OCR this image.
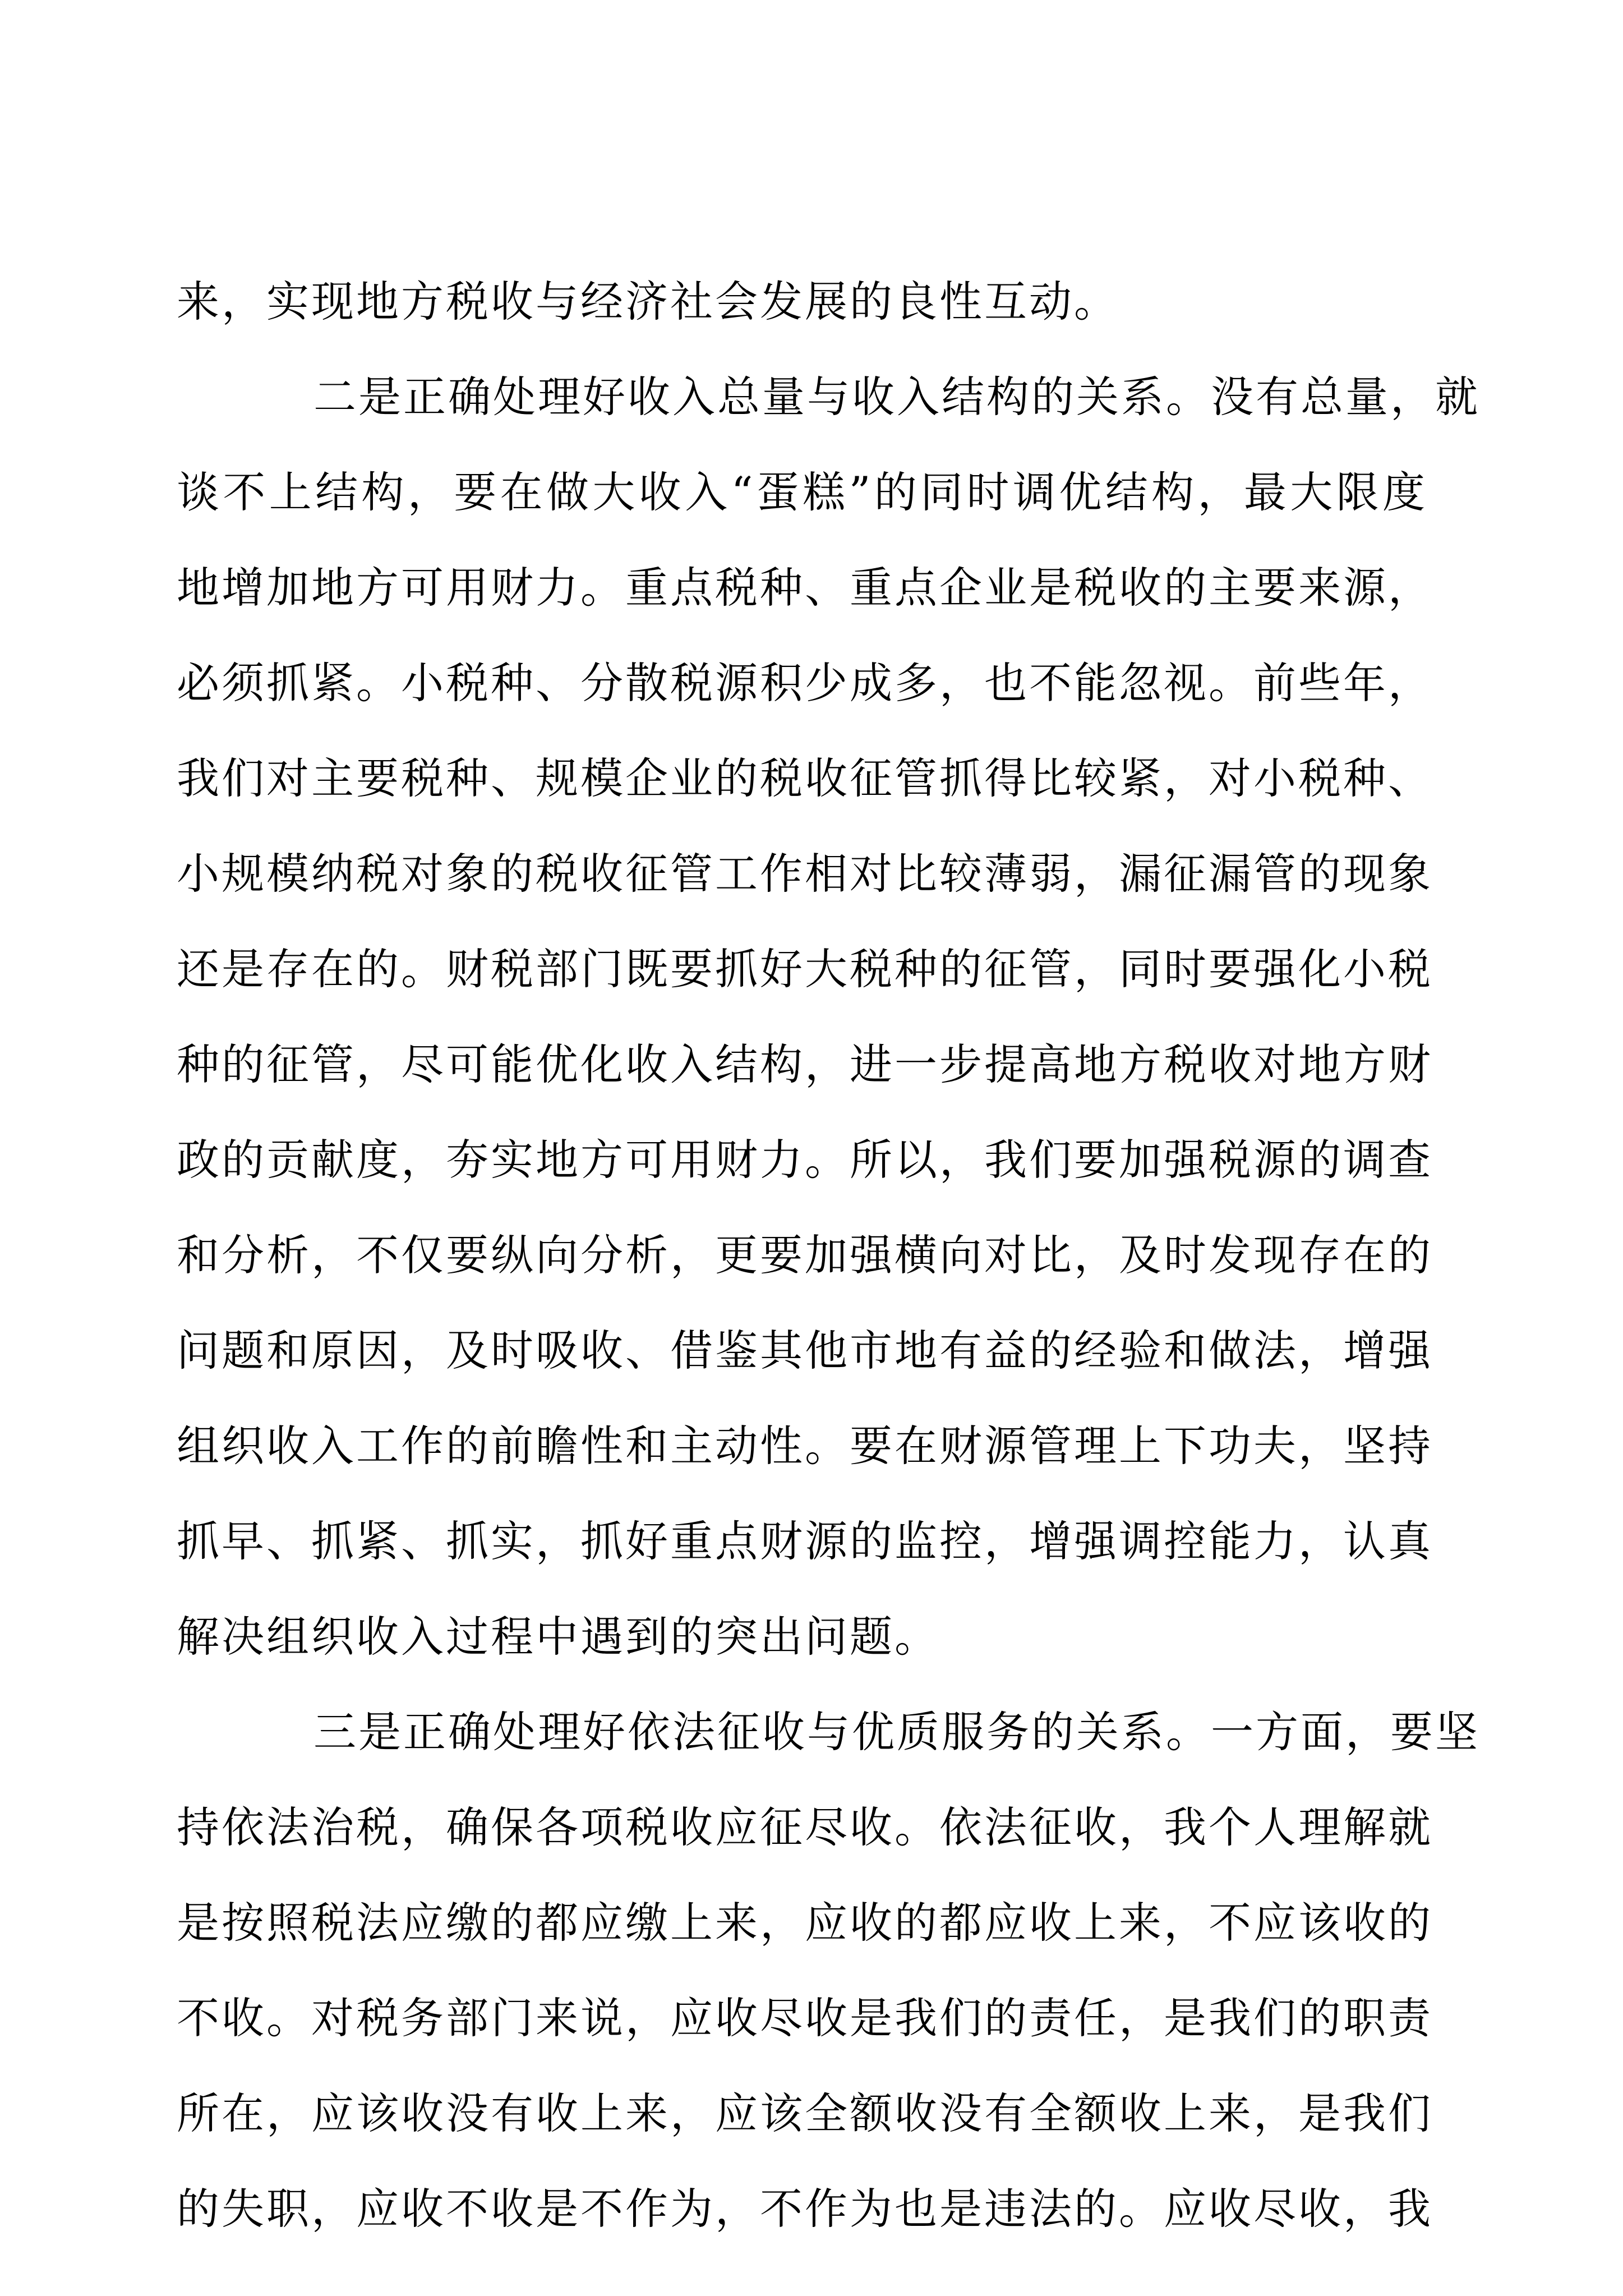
来，实现地方税收与经济社会发展的良性互动。
二是正确处理好收入总量与收入结构的关系。没有总量，就
谈不上结构，要在做大收入“蛋糕”的同时调优结构，最大限度
地增加地方可用财力。重点税种、重点企业是税收的主要来源，
必须抓紧。小税种、分散税源积少成多，也不能忽视。前些年，
我们对主要税种、规模企业的税收征管抓得比较紧，对小税种、
小规模纳税对象的税收征管工作相对比较薄弱，漏征漏管的现象
还是存在的。财税部门既要抓好大税种的征管，同时要强化小税
种的征管，尽可能优化收入结构，进一步提高地方税收对地方财
政的贡献度，夯实地方可用财力。所以，我们要加强税源的调查
和分析，不仅要纵向分析，更要加强横向对比，及时发现存在的
问题和原因，及时吸收、借鉴其他市地有益的经验和做法，增强
组织收入工作的前瞻性和主动性。要在财源管理上下功夫，坚持
抓早、抓紧、抓实，抓好重点财源的监控，增强调控能力，认真
解决组织收入过程中遇到的突出问题。
三是正确处理好依法征收与优质服务的关系。一方面，要坚
持依法治税，确保各项税收应征尽收。依法征收，我个人理解就
是按照税法应缴的都应缴上来，应收的都应收上来，不应该收的
不收。对税务部门来说，应收尽收是我们的责任，是我们的职责
所在，应该收没有收上来，应该全额收没有全额收上来，是我们
的失职，应收不收是不作为，不作为也是违法的。应收尽收，我
